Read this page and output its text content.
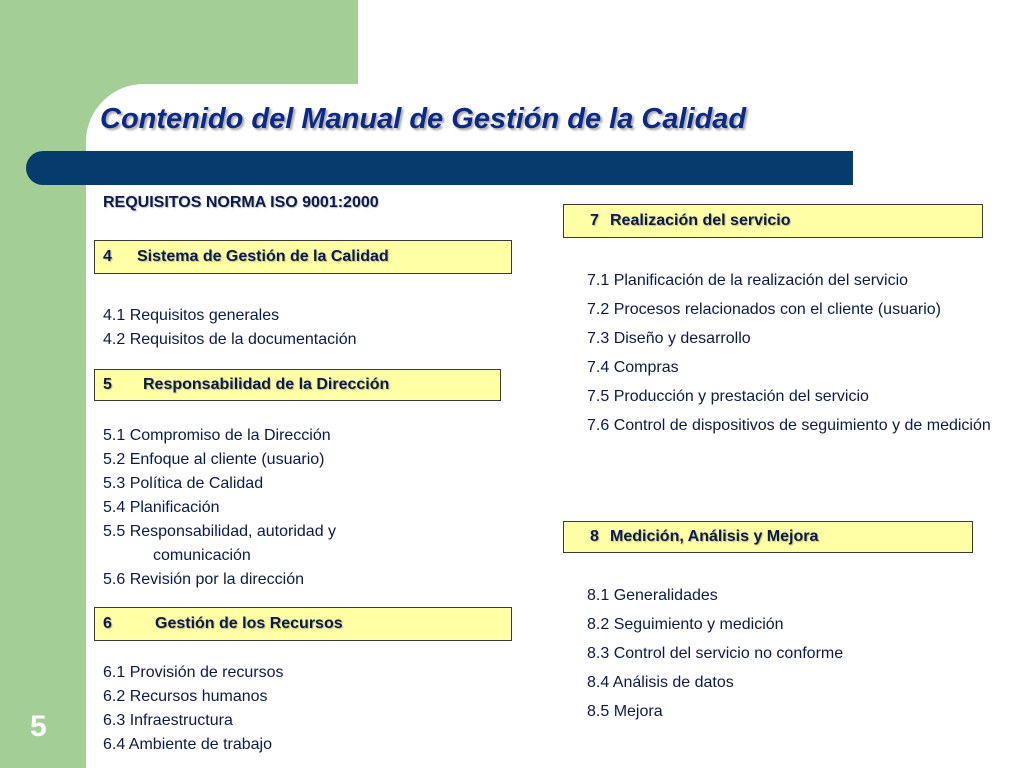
Contenido del Manual de Gestión de la Calidad
REQUISITOS NORMA ISO 9001:2000
4	Sistema de Gestión de la Calidad
4.1 Requisitos generales
4.2 Requisitos de la documentación
5	Responsabilidad de la Dirección
5.1 Compromiso de la Dirección
5.2 Enfoque al cliente (usuario)
5.3 Política de Calidad
5.4 Planificación
5.5 Responsabilidad, autoridad y
comunicación
5.6 Revisión por la dirección
6	Gestión de los Recursos
6.1 Provisión de recursos
6.2 Recursos humanos
6.3 Infraestructura
6.4 Ambiente de trabajo
7 Realización del servicio
7.1 Planificación de la realización del servicio
7.2 Procesos relacionados con el cliente (usuario)
7.3 Diseño y desarrollo
7.4 Compras
7.5 Producción y prestación del servicio
7.6 Control de dispositivos de seguimiento y de medición
8 Medición, Análisis y Mejora
8.1 Generalidades
8.2 Seguimiento y medición
8.3 Control del servicio no conforme
8.4 Análisis de datos
8.5 Mejora
5
